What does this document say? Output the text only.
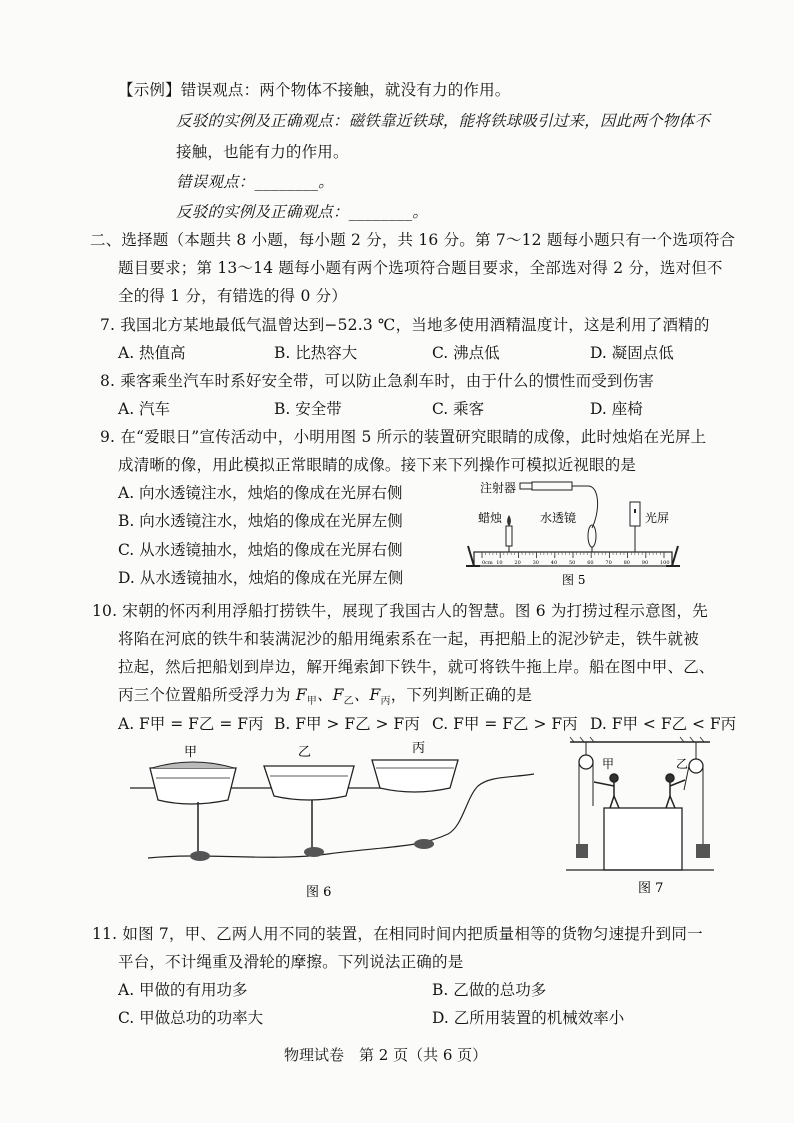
【示例】错误观点：两个物体不接触，就没有力的作用。
反驳的实例及正确观点：磁铁靠近铁球，能将铁球吸引过来，因此两个物体不
接触，也能有力的作用。
错误观点：________。
反驳的实例及正确观点：________。
二、选择题（本题共 8 小题，每小题 2 分，共 16 分。第 7～12 题每小题只有一个选项符合
题目要求；第 13～14 题每小题有两个选项符合题目要求，全部选对得 2 分，选对但不
全的得 1 分，有错选的得 0 分）
7. 我国北方某地最低气温曾达到−52.3 ℃，当地多使用酒精温度计，这是利用了酒精的
A. 热值高	B. 比热容大	C. 沸点低	D. 凝固点低
8. 乘客乘坐汽车时系好安全带，可以防止急刹车时，由于什么的惯性而受到伤害
A. 汽车	B. 安全带	C. 乘客	D. 座椅
9. 在“爱眼日”宣传活动中，小明用图 5 所示的装置研究眼睛的成像，此时烛焰在光屏上
成清晰的像，用此模拟正常眼睛的成像。接下来下列操作可模拟近视眼的是
A. 向水透镜注水，烛焰的像成在光屏右侧
B. 向水透镜注水，烛焰的像成在光屏左侧
C. 从水透镜抽水，烛焰的像成在光屏右侧
D. 从水透镜抽水，烛焰的像成在光屏左侧
注射器
蜡烛	水透镜	光屏
0cm 10 20 30 40 50 60 70 80 90 100
图 5
10. 宋朝的怀丙利用浮船打捞铁牛，展现了我国古人的智慧。图 6 为打捞过程示意图，先
将陷在河底的铁牛和装满泥沙的船用绳索系在一起，再把船上的泥沙铲走，铁牛就被
拉起，然后把船划到岸边，解开绳索卸下铁牛，就可将铁牛拖上岸。船在图中甲、乙、
丙三个位置船所受浮力为 $F_甲$、$F_乙$、$F_丙$，下列判断正确的是
A. F甲 = F乙 = F丙 B. F甲 > F乙 > F丙 C. F甲 = F乙 > F丙 D. F甲 < F乙 < F丙
甲	乙	丙
图 6
甲	乙
图 7
11. 如图 7，甲、乙两人用不同的装置，在相同时间内把质量相等的货物匀速提升到同一
平台，不计绳重及滑轮的摩擦。下列说法正确的是
A. 甲做的有用功多	B. 乙做的总功多
C. 甲做总功的功率大	D. 乙所用装置的机械效率小
物理试卷　第 2 页（共 6 页）
